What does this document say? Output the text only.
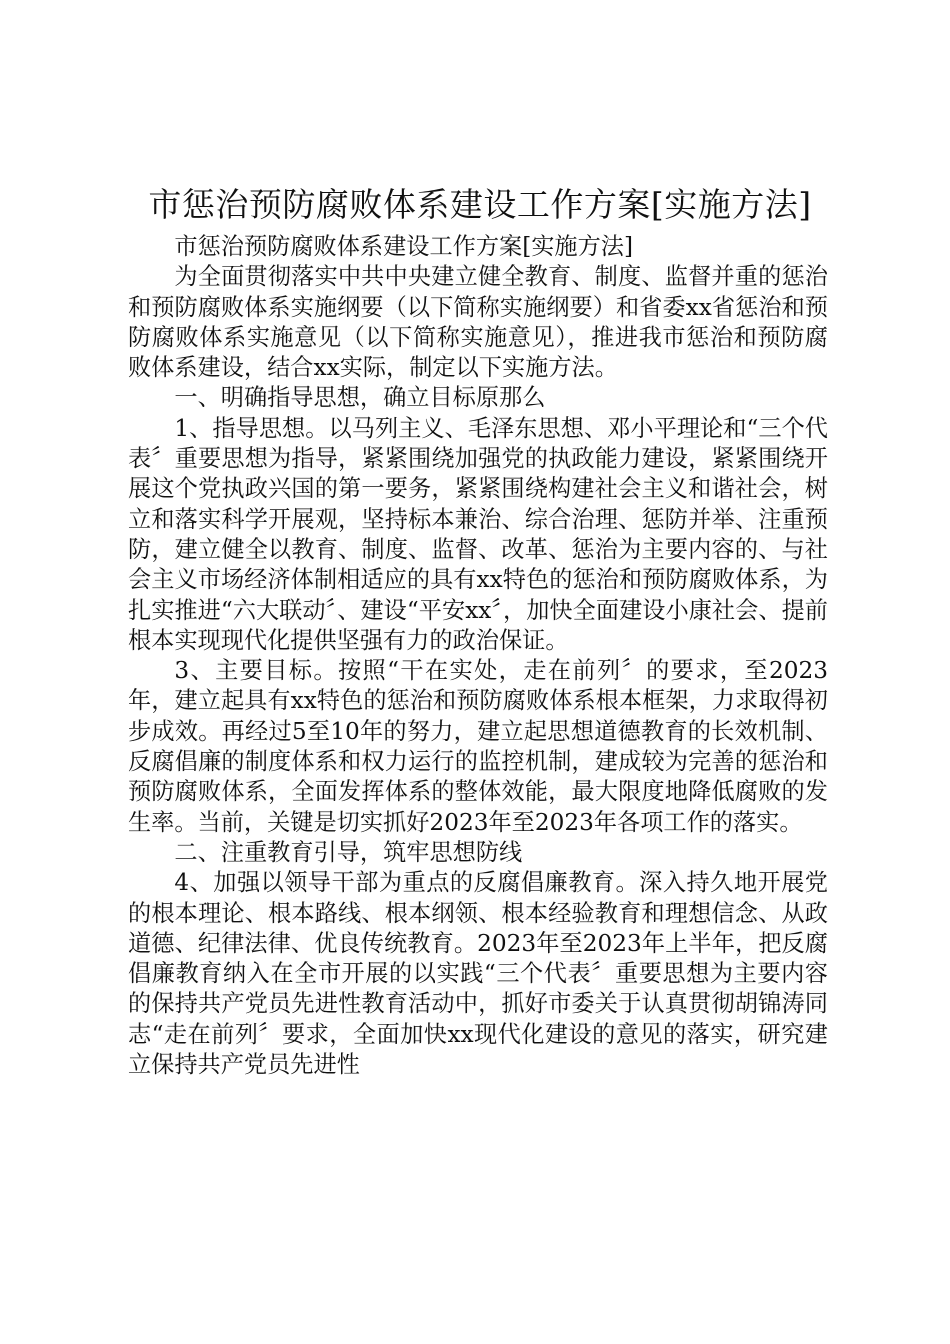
市惩治预防腐败体系建设工作方案[实施方法]

市惩治预防腐败体系建设工作方案[实施方法]

为全面贯彻落实中共中央建立健全教育、制度、监督并重的惩治和预防腐败体系实施纲要（以下简称实施纲要）和省委xx省惩治和预防腐败体系实施意见（以下简称实施意见），推进我市惩治和预防腐败体系建设，结合xx实际，制定以下实施方法。

一、明确指导思想，确立目标原那么

1、指导思想。以马列主义、毛泽东思想、邓小平理论和“三个代表〞重要思想为指导，紧紧围绕加强党的执政能力建设，紧紧围绕开展这个党执政兴国的第一要务，紧紧围绕构建社会主义和谐社会，树立和落实科学开展观，坚持标本兼治、综合治理、惩防并举、注重预防，建立健全以教育、制度、监督、改革、惩治为主要内容的、与社会主义市场经济体制相适应的具有xx特色的惩治和预防腐败体系，为扎实推进“六大联动〞、建设“平安xx〞，加快全面建设小康社会、提前根本实现现代化提供坚强有力的政治保证。

3、主要目标。按照“干在实处，走在前列〞的要求，至2023年，建立起具有xx特色的惩治和预防腐败体系根本框架，力求取得初步成效。再经过5至10年的努力，建立起思想道德教育的长效机制、反腐倡廉的制度体系和权力运行的监控机制，建成较为完善的惩治和预防腐败体系，全面发挥体系的整体效能，最大限度地降低腐败的发生率。当前，关键是切实抓好2023年至2023年各项工作的落实。

二、注重教育引导，筑牢思想防线

4、加强以领导干部为重点的反腐倡廉教育。深入持久地开展党的根本理论、根本路线、根本纲领、根本经验教育和理想信念、从政道德、纪律法律、优良传统教育。2023年至2023年上半年，把反腐倡廉教育纳入在全市开展的以实践“三个代表〞重要思想为主要内容的保持共产党员先进性教育活动中，抓好市委关于认真贯彻胡锦涛同志“走在前列〞要求，全面加快xx现代化建设的意见的落实，研究建立保持共产党员先进性
